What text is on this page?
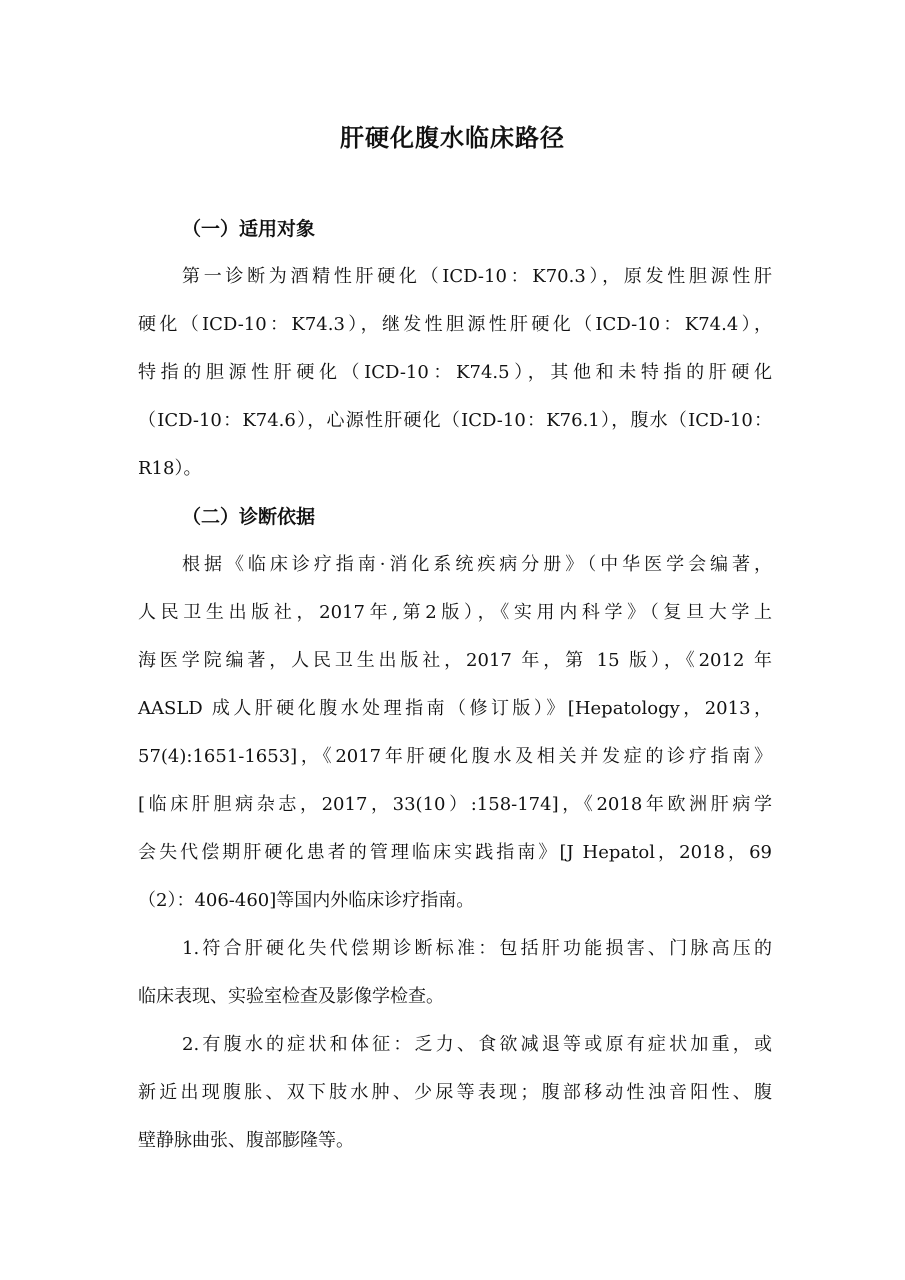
肝硬化腹水临床路径
（一）适用对象
第一诊断为酒精性肝硬化（ICD-10：K70.3），原发性胆源性肝
硬化（ICD-10：K74.3），继发性胆源性肝硬化（ICD-10：K74.4），
特指的胆源性肝硬化（ICD-10：K74.5），其他和未特指的肝硬化
（ICD-10：K74.6），心源性肝硬化（ICD-10：K76.1），腹水（ICD-10：
R18）。
（二）诊断依据
根据《临床诊疗指南·消化系统疾病分册》（中华医学会编著，
人民卫生出版社，2017年,第2版），《实用内科学》（复旦大学上
海医学院编著，人民卫生出版社，2017 年，第 15 版），《2012 年
AASLD 成人肝硬化腹水处理指南（修订版）》[Hepatology，2013，
57(4):1651-1653]，《2017年肝硬化腹水及相关并发症的诊疗指南》
[临床肝胆病杂志，2017，33(10）:158-174]，《2018年欧洲肝病学
会失代偿期肝硬化患者的管理临床实践指南》[J Hepatol，2018，69
（2）：406-460]等国内外临床诊疗指南。
1.符合肝硬化失代偿期诊断标准：包括肝功能损害、门脉高压的
临床表现、实验室检查及影像学检查。
2.有腹水的症状和体征：乏力、食欲减退等或原有症状加重，或
新近出现腹胀、双下肢水肿、少尿等表现；腹部移动性浊音阳性、腹
壁静脉曲张、腹部膨隆等。
